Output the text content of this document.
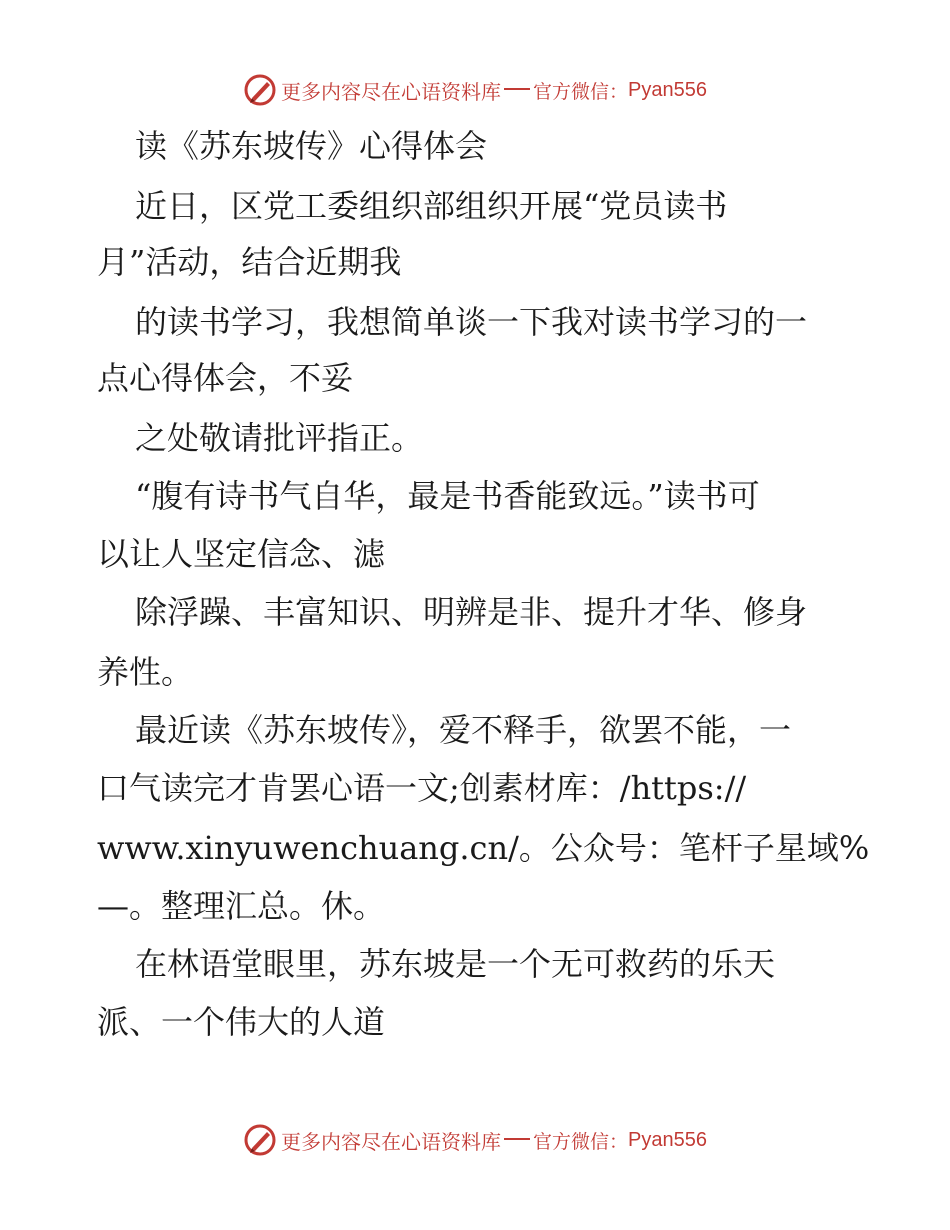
更多内容尽在心语资料库 官方微信： Pyan556
读《苏东坡传》心得体会
近日，区党工委组织部组织开展“党员读书
月”活动，结合近期我
的读书学习，我想简单谈一下我对读书学习的一
点心得体会，不妥
之处敬请批评指正。
“腹有诗书气自华，最是书香能致远。”读书可
以让人坚定信念、滤
除浮躁、丰富知识、明辨是非、提升才华、修身
养性。
最近读《苏东坡传》，爱不释手，欲罢不能，一
口气读完才肯罢心语一文;创素材库：/https://
www.xinyuwenchuang.cn/。公众号：笔杆子星域%
—。整理汇总。休。
在林语堂眼里，苏东坡是一个无可救药的乐天
派、一个伟大的人道
更多内容尽在心语资料库 官方微信： Pyan556
